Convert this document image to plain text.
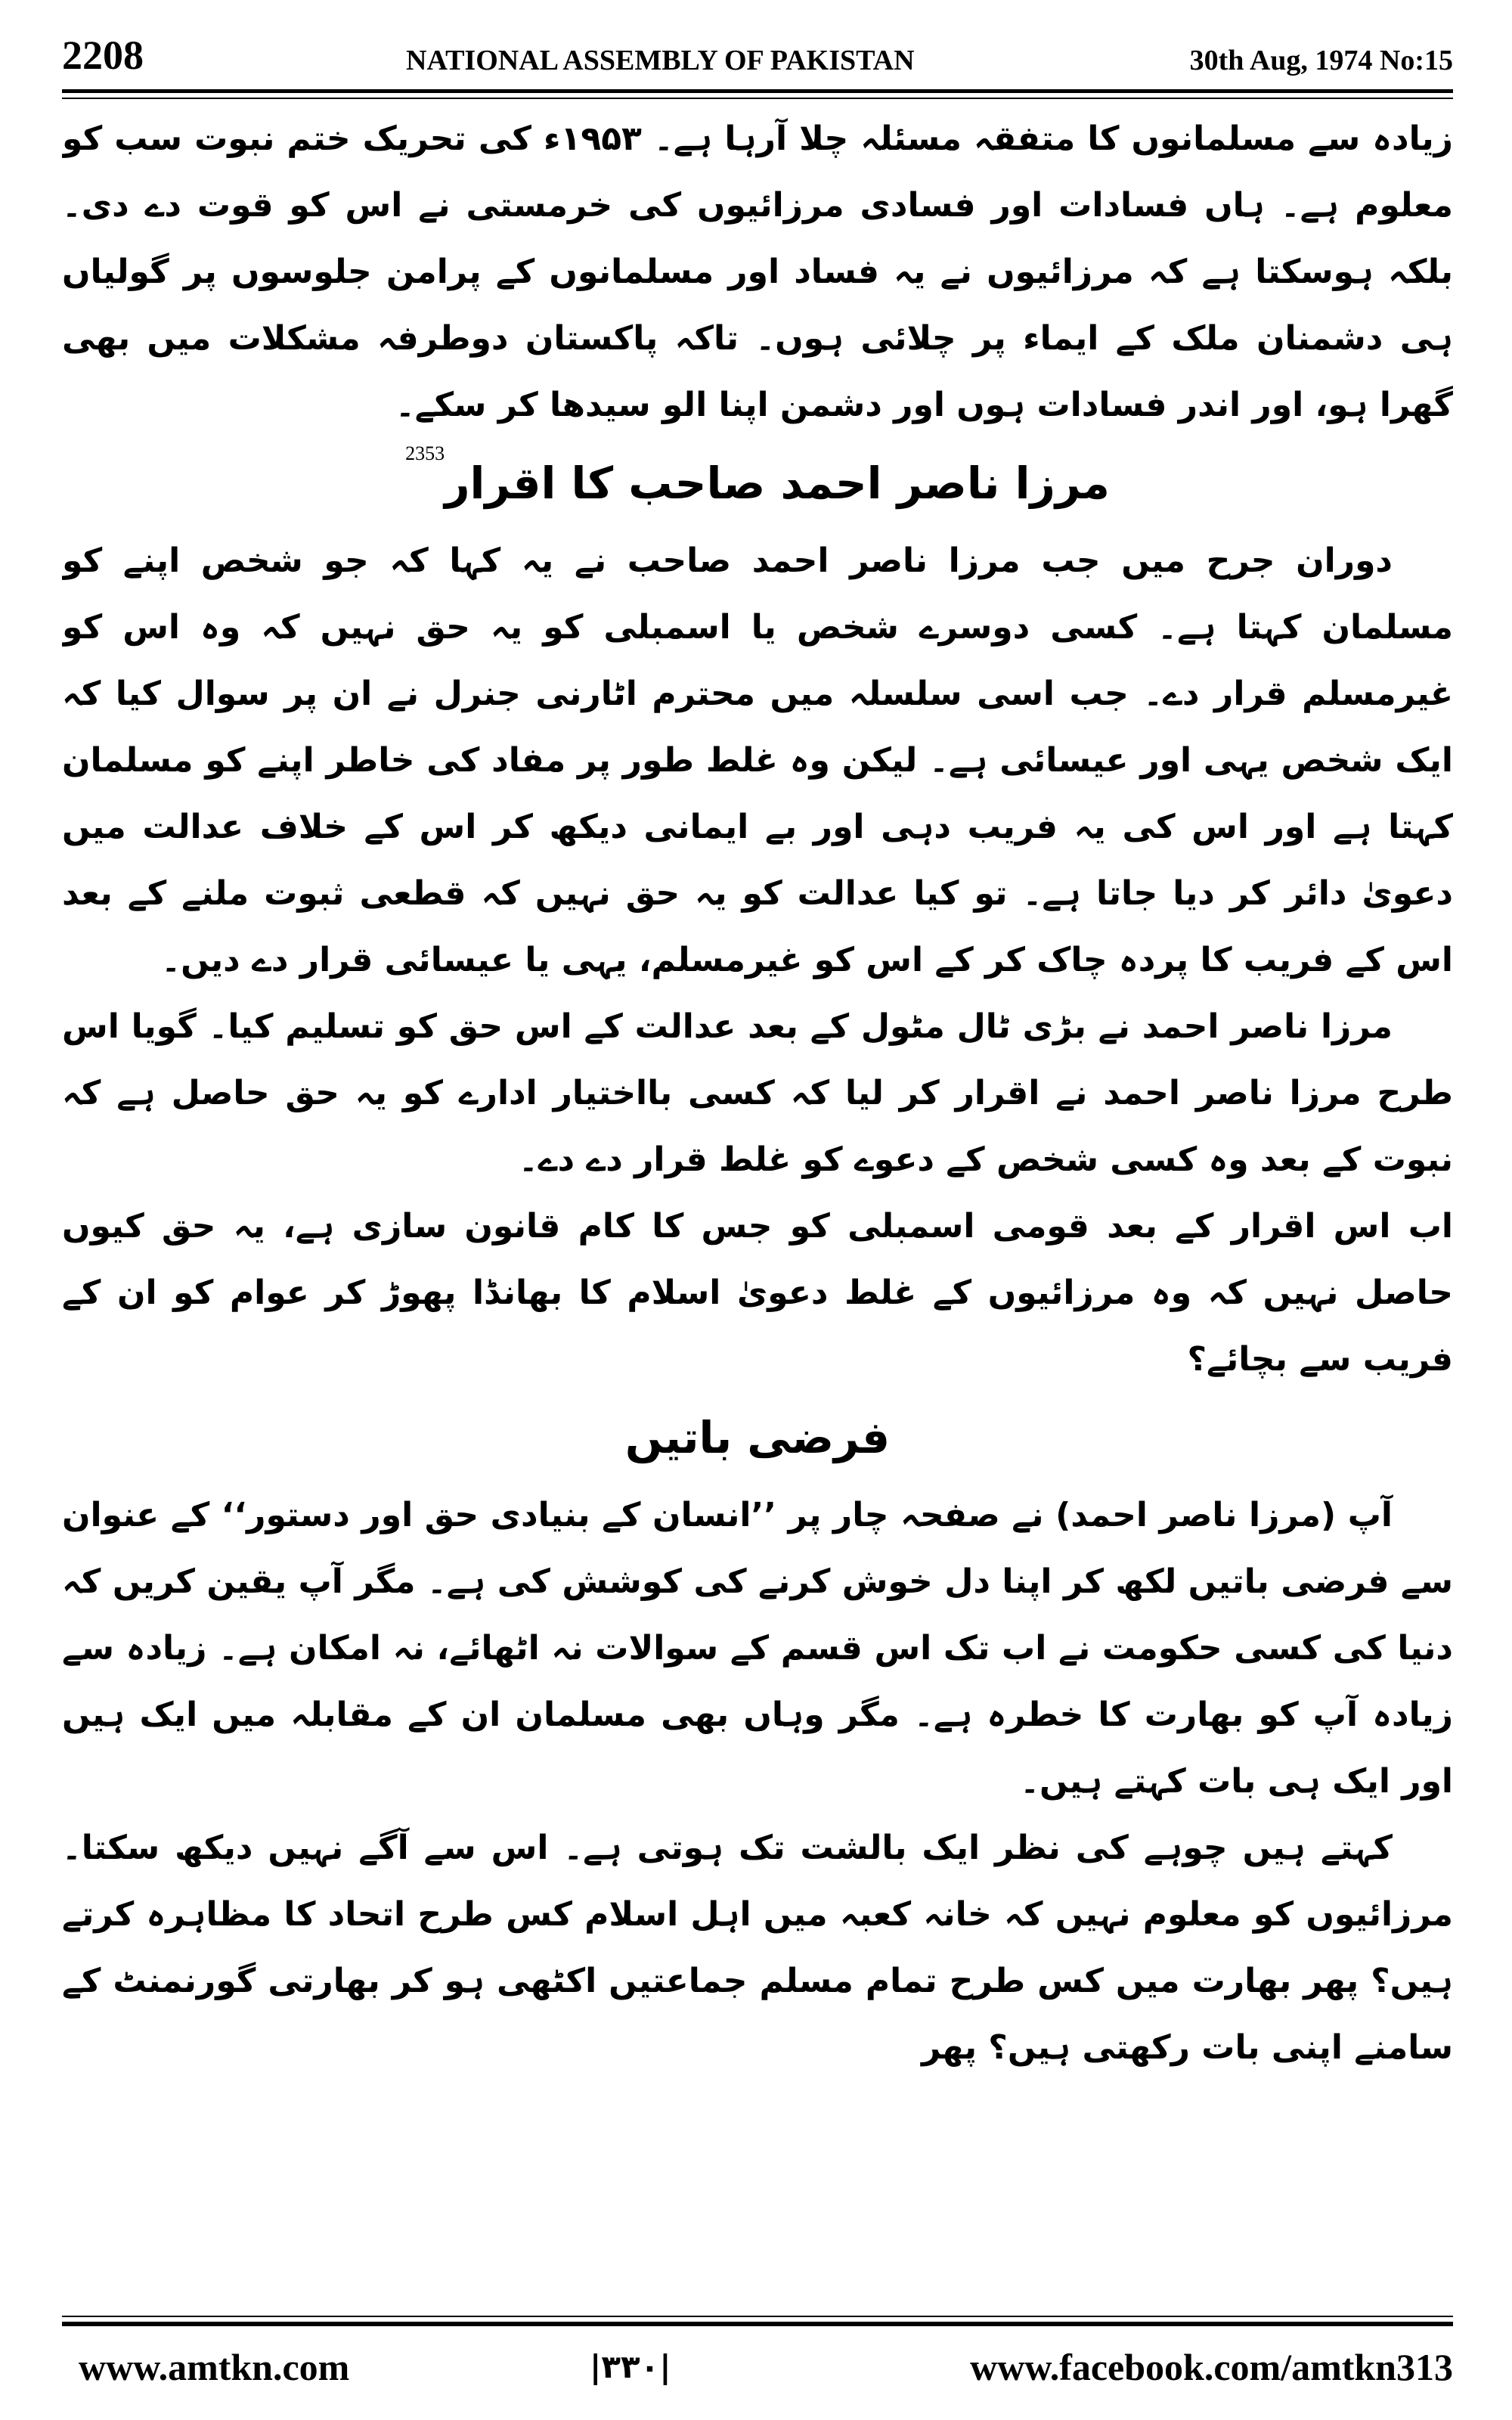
2208	NATIONAL ASSEMBLY OF PAKISTAN	30th Aug, 1974 No:15

زیادہ سے مسلمانوں کا متفقہ مسئلہ چلا آرہا ہے۔ ۱۹۵۳ء کی تحریک ختم نبوت سب کو معلوم ہے۔ ہاں فسادات اور فسادی مرزائیوں کی خرمستی نے اس کو قوت دے دی۔ بلکہ ہوسکتا ہے کہ مرزائیوں نے یہ فساد اور مسلمانوں کے پرامن جلوسوں پر گولیاں ہی دشمنان ملک کے ایماء پر چلائی ہوں۔ تاکہ پاکستان دوطرفہ مشکلات میں بھی گھرا ہو، اور اندر فسادات ہوں اور دشمن اپنا الو سیدھا کر سکے۔

مرزا ناصر احمد صاحب کا اقرار$^{2353}$

دوران جرح میں جب مرزا ناصر احمد صاحب نے یہ کہا کہ جو شخص اپنے کو مسلمان کہتا ہے۔ کسی دوسرے شخص یا اسمبلی کو یہ حق نہیں کہ وہ اس کو غیرمسلم قرار دے۔ جب اسی سلسلہ میں محترم اٹارنی جنرل نے ان پر سوال کیا کہ ایک شخص یہی اور عیسائی ہے۔ لیکن وہ غلط طور پر مفاد کی خاطر اپنے کو مسلمان کہتا ہے اور اس کی یہ فریب دہی اور بے ایمانی دیکھ کر اس کے خلاف عدالت میں دعویٰ دائر کر دیا جاتا ہے۔ تو کیا عدالت کو یہ حق نہیں کہ قطعی ثبوت ملنے کے بعد اس کے فریب کا پردہ چاک کر کے اس کو غیرمسلم، یہی یا عیسائی قرار دے دیں۔

مرزا ناصر احمد نے بڑی ٹال مٹول کے بعد عدالت کے اس حق کو تسلیم کیا۔ گویا اس طرح مرزا ناصر احمد نے اقرار کر لیا کہ کسی بااختیار ادارے کو یہ حق حاصل ہے کہ نبوت کے بعد وہ کسی شخص کے دعوے کو غلط قرار دے دے۔

اب اس اقرار کے بعد قومی اسمبلی کو جس کا کام قانون سازی ہے، یہ حق کیوں حاصل نہیں کہ وہ مرزائیوں کے غلط دعویٰ اسلام کا بھانڈا پھوڑ کر عوام کو ان کے فریب سے بچائے؟

فرضی باتیں

آپ (مرزا ناصر احمد) نے صفحہ چار پر ’’انسان کے بنیادی حق اور دستور‘‘ کے عنوان سے فرضی باتیں لکھ کر اپنا دل خوش کرنے کی کوشش کی ہے۔ مگر آپ یقین کریں کہ دنیا کی کسی حکومت نے اب تک اس قسم کے سوالات نہ اٹھائے، نہ امکان ہے۔ زیادہ سے زیادہ آپ کو بھارت کا خطرہ ہے۔ مگر وہاں بھی مسلمان ان کے مقابلہ میں ایک ہیں اور ایک ہی بات کہتے ہیں۔

کہتے ہیں چوہے کی نظر ایک بالشت تک ہوتی ہے۔ اس سے آگے نہیں دیکھ سکتا۔ مرزائیوں کو معلوم نہیں کہ خانہ کعبہ میں اہل اسلام کس طرح اتحاد کا مظاہرہ کرتے ہیں؟ پھر بھارت میں کس طرح تمام مسلم جماعتیں اکٹھی ہو کر بھارتی گورنمنٹ کے سامنے اپنی بات رکھتی ہیں؟ پھر

www.amtkn.com	|۳۳۰|	www.facebook.com/amtkn313
